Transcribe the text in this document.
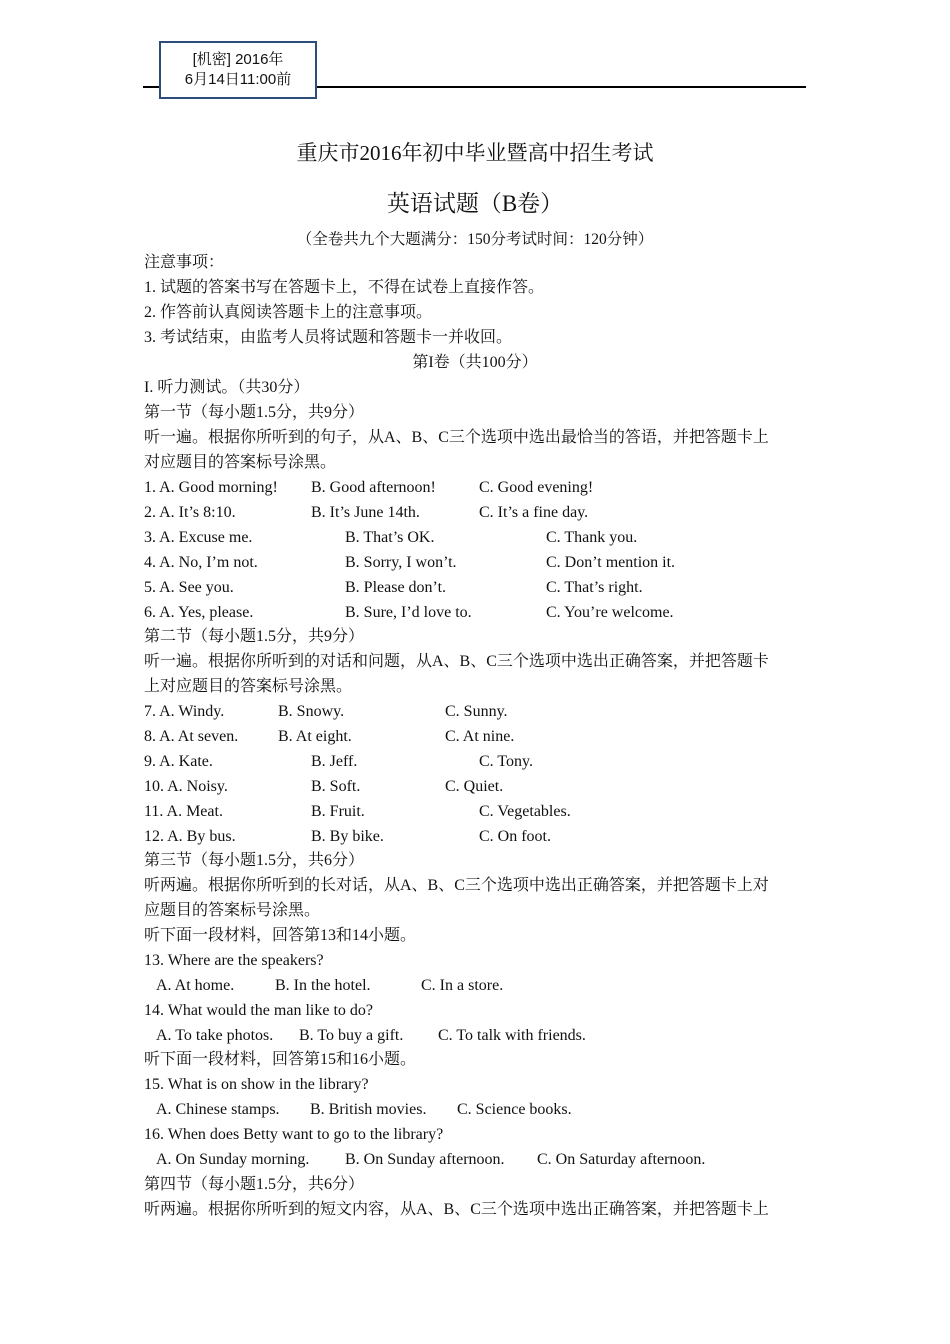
[机密] 2016年
6月14日11:00前
重庆市2016年初中毕业暨高中招生考试
英语试题（B卷）
（全卷共九个大题满分：150分考试时间：120分钟）
注意事项：
1. 试题的答案书写在答题卡上，不得在试卷上直接作答。
2. 作答前认真阅读答题卡上的注意事项。
3. 考试结束，由监考人员将试题和答题卡一并收回。
第I卷（共100分）
I. 听力测试。（共30分）
第一节（每小题1.5分，共9分）
听一遍。根据你所听到的句子，从A、B、C三个选项中选出最恰当的答语，并把答题卡上
对应题目的答案标号涂黑。
1. A. Good morning! B. Good afternoon!	C. Good evening!
2. A. It’s 8:10.	B. It’s June 14th.	C. It’s a fine day.
3. A. Excuse me.	B. That’s OK.	C. Thank you.
4. A. No, I’m not.	B. Sorry, I won’t.	C. Don’t mention it.
5. A. See you.	B. Please don’t.	C. That’s right.
6. A. Yes, please.	B. Sure, I’d love to.	C. You’re welcome.
第二节（每小题1.5分，共9分）
听一遍。根据你所听到的对话和问题，从A、B、C三个选项中选出正确答案，并把答题卡
上对应题目的答案标号涂黑。
7. A. Windy.	B. Snowy.	C. Sunny.
8. A. At seven. B. At eight.	C. At nine.
9. A. Kate.	B. Jeff.	C. Tony.
10. A. Noisy.	B. Soft.	C. Quiet.
11. A. Meat.	B. Fruit.	C. Vegetables.
12. A. By bus.	B. By bike.	C. On foot.
第三节（每小题1.5分，共6分）
听两遍。根据你所听到的长对话，从A、B、C三个选项中选出正确答案，并把答题卡上对
应题目的答案标号涂黑。
听下面一段材料，回答第13和14小题。
13. Where are the speakers?
A. At home.	B. In the hotel.	C. In a store.
14. What would the man like to do?
A. To take photos. B. To buy a gift. C. To talk with friends.
听下面一段材料，回答第15和16小题。
15. What is on show in the library?
A. Chinese stamps. B. British movies. C. Science books.
16. When does Betty want to go to the library?
A. On Sunday morning. B. On Sunday afternoon. C. On Saturday afternoon.
第四节（每小题1.5分，共6分）
听两遍。根据你所听到的短文内容，从A、B、C三个选项中选出正确答案，并把答题卡上
